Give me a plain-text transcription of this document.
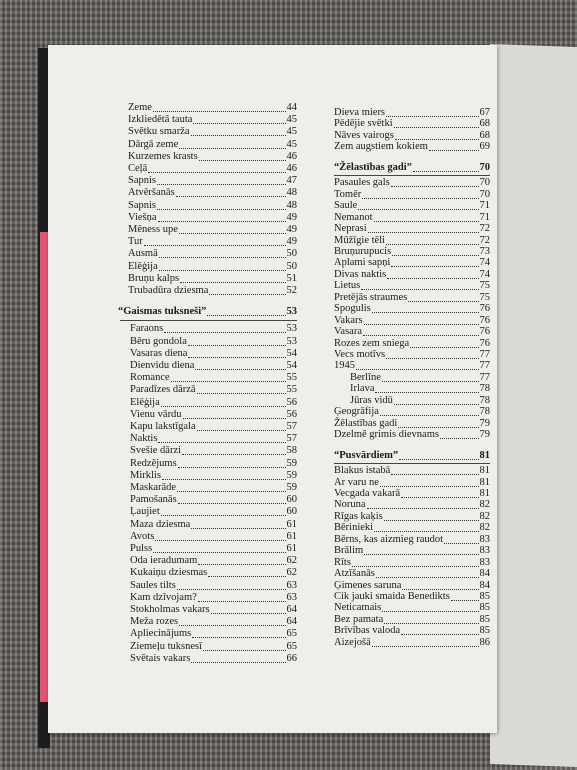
Zeme	44
Izkliedētā tauta	45
Svētku smarža	45
Dārgā zeme	45
Kurzemes krasts	46
Ceļā	46
Sapnis	47
Atvēršanās	48
Sapnis	48
Viešņa	49
Mēness upe	49
Tur	49
Ausmā	50
Elēģija	50
Bruņu kalps	51
Trubadūra dziesma	52
“Gaismas tuksneši”	53
Faraons	53
Bēru gondola	53
Vasaras diena	54
Dienvidu diena	54
Romance	55
Paradīzes dārzā	55
Elēģija	56
Vienu vārdu	56
Kapu lakstīgala	57
Naktis	57
Svešie dārzi	58
Redzējums	59
Mirklis	59
Maskarāde	59
Pamošanās	60
Ļaujiet	60
Maza dziesma	61
Avots	61
Pulss	61
Oda ieradumam	62
Kukaiņu dziesmas	62
Saules tilts	63
Kam dzīvojam?	63
Stokholmas vakars	64
Meža rozes	64
Apliecinājums	65
Ziemeļu tuksnesī	65
Svētais vakars	66
Dieva miers	67
Pēdējie svētki	68
Nāves vairogs	68
Zem augstiem kokiem	69
“Žēlastības gadi”	70
Pasaules gals	70
Tomēr	70
Saule	71
Nemanot	71
Neprasi	72
Mūžīgie tēli	72
Bruņurupucis	73
Aplami sapņi	74
Divas naktis	74
Lietus	75
Pretējās straumes	75
Spogulis	76
Vakars	76
Vasara	76
Rozes zem sniega	76
Vecs motīvs	77
1945	77
Berlīne	77
Irlava	78
Jūras vidū	78
Ģeogrāfija	78
Žēlastības gadi	79
Dzelmē grimis dievnams	79
“Pusvārdiem”	81
Blakus istabā	81
Ar varu ne	81
Vecgada vakarā	81
Noruna	82
Rīgas kaķis	82
Bērinieki	82
Bērns, kas aizmieg raudot	83
Brālim	83
Rīts	83
Atzīšanās	84
Ģimenes saruna	84
Cik jauki smaida Benedikts	85
Neticamais	85
Bez pamata	85
Brīvības valoda	85
Aizejošā	86
